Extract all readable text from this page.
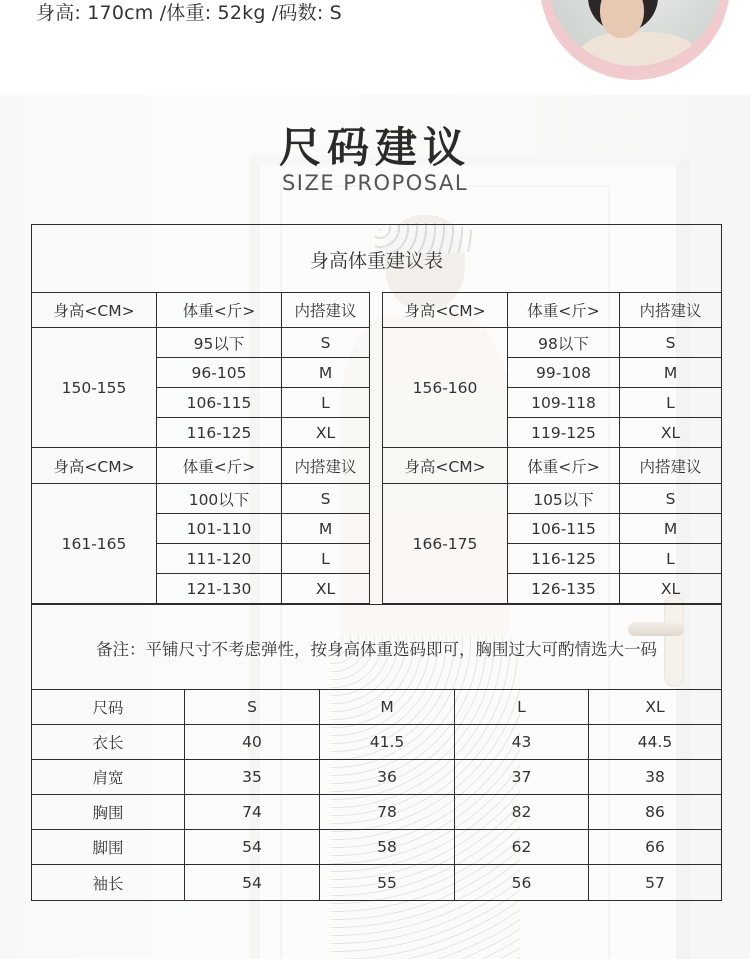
身高: 170cm /体重: 52kg /码数: S
尺码建议
SIZE PROPOSAL
身高体重建议表
身高<CM>	体重<斤>	内搭建议
150-155	95以下	S
	96-105	M
	106-115	L
	116-125	XL
身高<CM>	体重<斤>	内搭建议
161-165	100以下	S
	101-110	M
	111-120	L
	121-130	XL
身高<CM>	体重<斤>	内搭建议
156-160	98以下	S
	99-108	M
	109-118	L
	119-125	XL
身高<CM>	体重<斤>	内搭建议
166-175	105以下	S
	106-115	M
	116-125	L
	126-135	XL
备注：平铺尺寸不考虑弹性，按身高体重选码即可，胸围过大可酌情选大一码
尺码	S	M	L	XL
衣长	40	41.5	43	44.5
肩宽	35	36	37	38
胸围	74	78	82	86
脚围	54	58	62	66
袖长	54	55	56	57
